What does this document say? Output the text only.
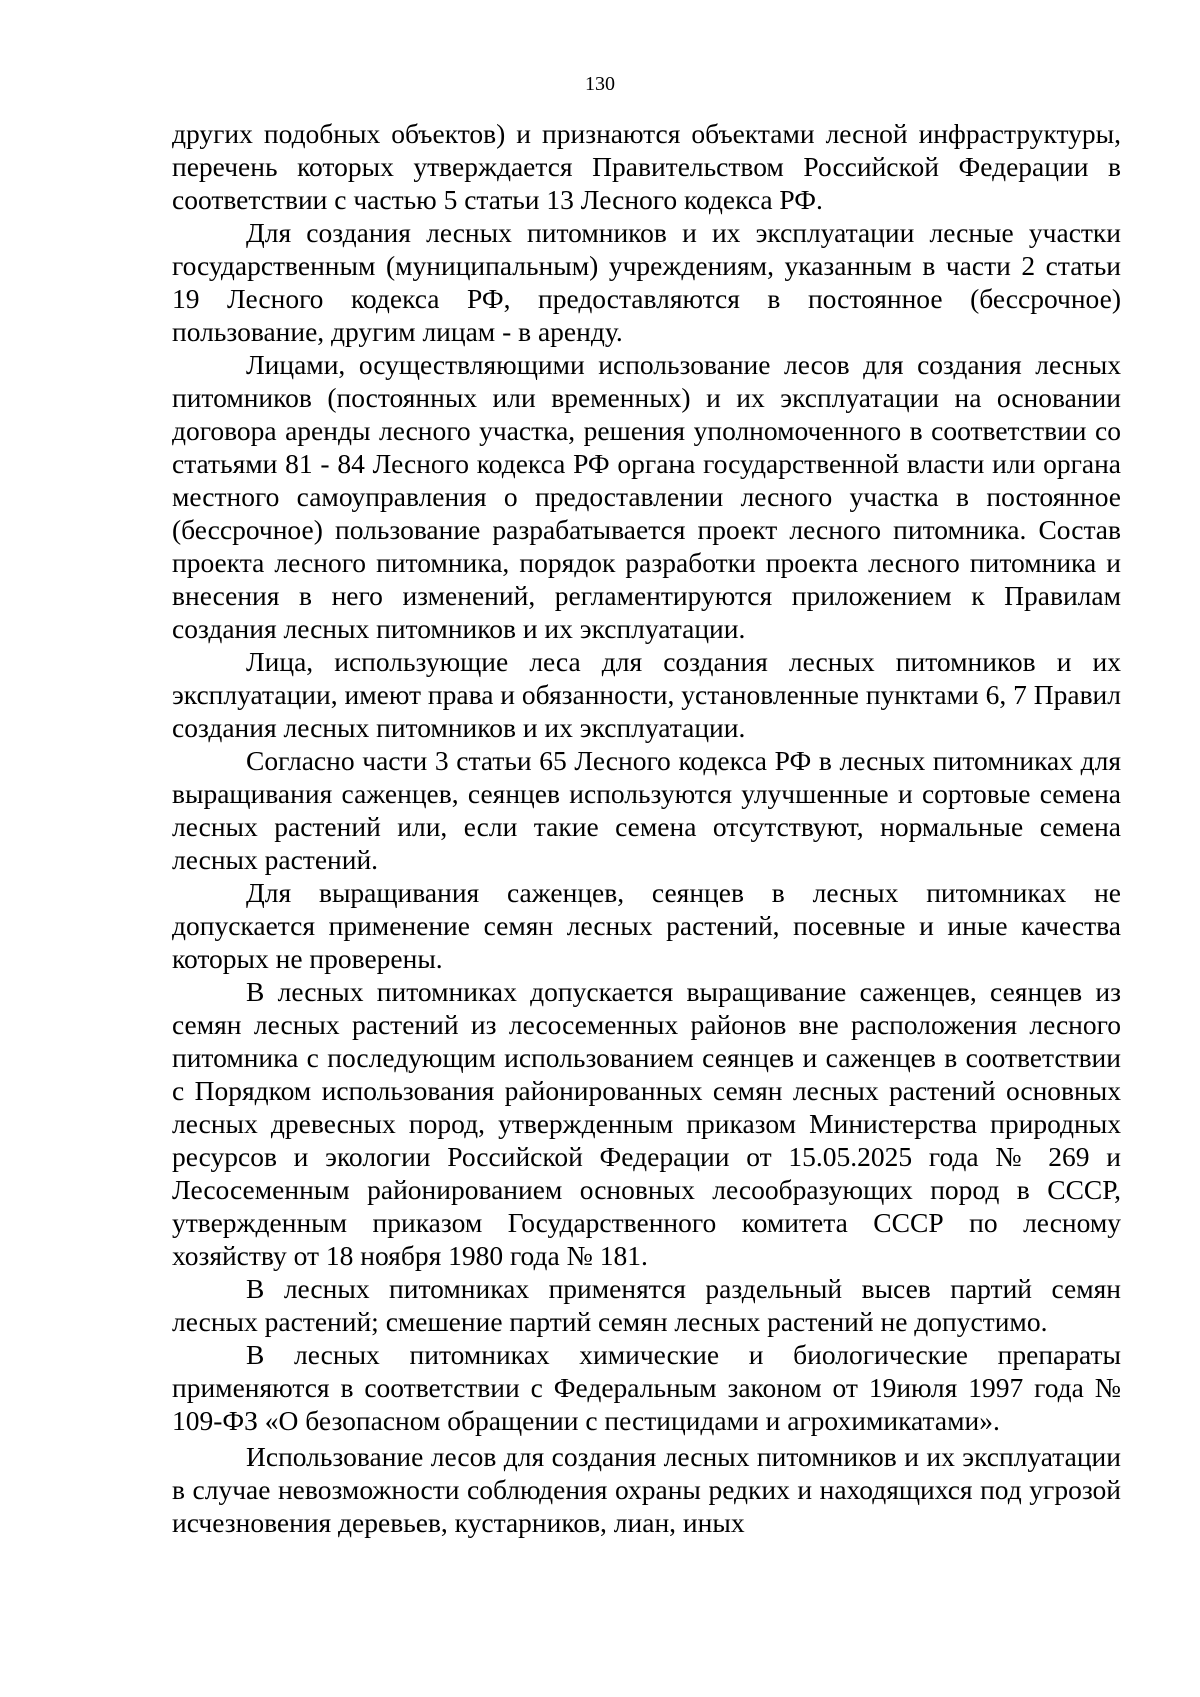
130

других подобных объектов) и признаются объектами лесной инфраструктуры, перечень которых утверждается Правительством Российской Федерации в соответствии с частью 5 статьи 13 Лесного кодекса РФ.

Для создания лесных питомников и их эксплуатации лесные участки государственным (муниципальным) учреждениям, указанным в части 2 статьи 19 Лесного кодекса РФ, предоставляются в постоянное (бессрочное) пользование, другим лицам - в аренду.

Лицами, осуществляющими использование лесов для создания лесных питомников (постоянных или временных) и их эксплуатации на основании договора аренды лесного участка, решения уполномоченного в соответствии со статьями 81 - 84 Лесного кодекса РФ органа государственной власти или органа местного самоуправления о предоставлении лесного участка в постоянное (бессрочное) пользование разрабатывается проект лесного питомника. Состав проекта лесного питомника, порядок разработки проекта лесного питомника и внесения в него изменений, регламентируются приложением к Правилам создания лесных питомников и их эксплуатации.

Лица, использующие леса для создания лесных питомников и их эксплуатации, имеют права и обязанности, установленные пунктами 6, 7 Правил создания лесных питомников и их эксплуатации.

Согласно части 3 статьи 65 Лесного кодекса РФ в лесных питомниках для выращивания саженцев, сеянцев используются улучшенные и сортовые семена лесных растений или, если такие семена отсутствуют, нормальные семена лесных растений.

Для выращивания саженцев, сеянцев в лесных питомниках не допускается применение семян лесных растений, посевные и иные качества которых не проверены.

В лесных питомниках допускается выращивание саженцев, сеянцев из семян лесных растений из лесосеменных районов вне расположения лесного питомника с последующим использованием сеянцев и саженцев в соответствии с Порядком использования районированных семян лесных растений основных лесных древесных пород, утвержденным приказом Министерства природных ресурсов и экологии Российской Федерации от 15.05.2025 года № 269 и Лесосеменным районированием основных лесообразующих пород в СССР, утвержденным приказом Государственного комитета СССР по лесному хозяйству от 18 ноября 1980 года № 181.

В лесных питомниках применятся раздельный высев партий семян лесных растений; смешение партий семян лесных растений не допустимо.

В лесных питомниках химические и биологические препараты применяются в соответствии с Федеральным законом от 19июля 1997 года № 109-ФЗ «О безопасном обращении с пестицидами и агрохимикатами».

Использование лесов для создания лесных питомников и их эксплуатации в случае невозможности соблюдения охраны редких и находящихся под угрозой исчезновения деревьев, кустарников, лиан, иных
